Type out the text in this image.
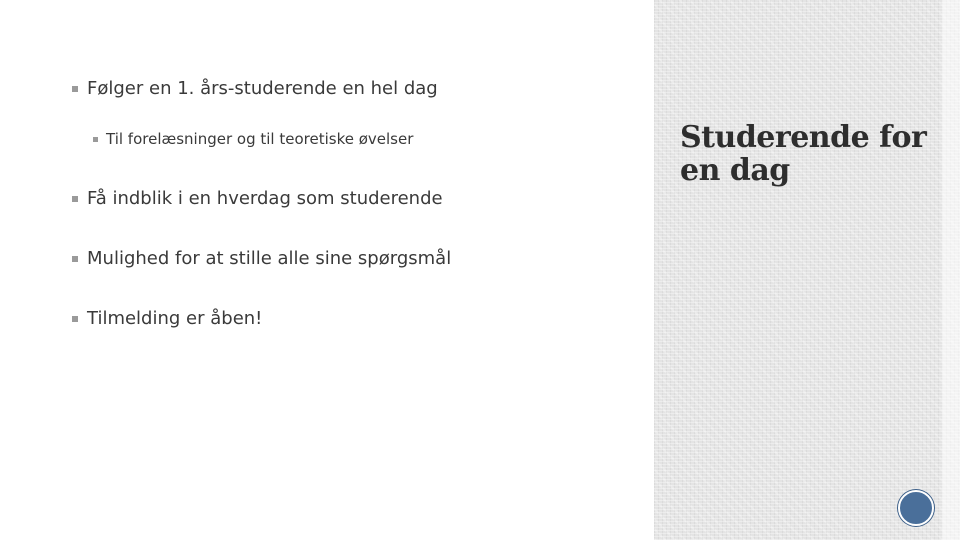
Følger en 1. års-studerende en hel dag
Til forelæsninger og til teoretiske øvelser
Få indblik i en hverdag som studerende
Mulighed for at stille alle sine spørgsmål
Tilmelding er åben!
Studerende for en dag
